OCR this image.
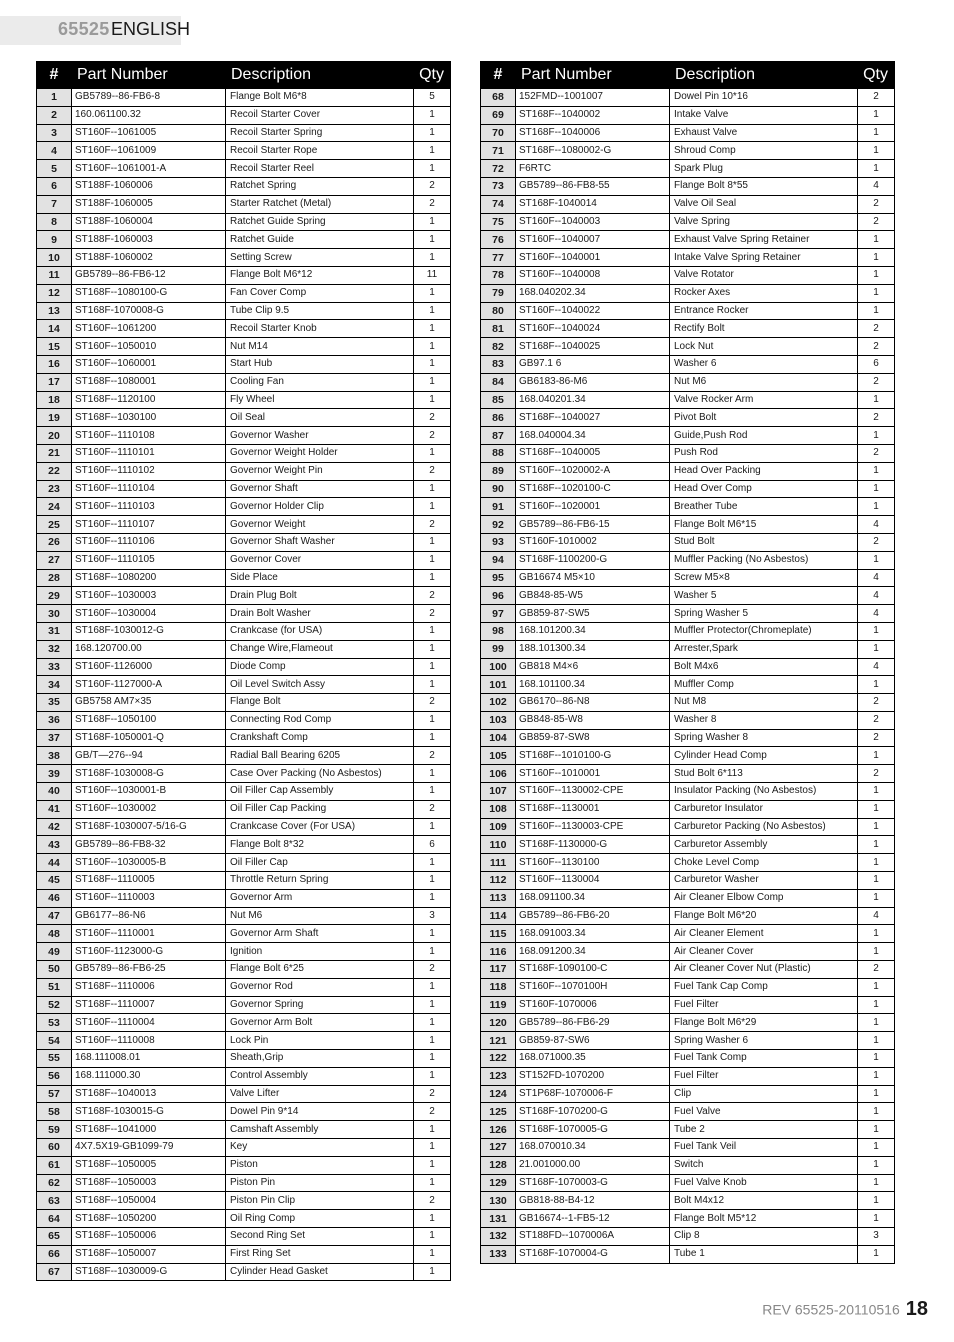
65525 ENGLISH
#	Part Number	Description	Qty
1	GB5789--86-FB6-8	Flange Bolt M6*8	5
2	160.061100.32	Recoil Starter Cover	1
3	ST160F--1061005	Recoil Starter Spring	1
4	ST160F--1061009	Recoil Starter Rope	1
5	ST160F--1061001-A	Recoil Starter Reel	1
6	ST188F-1060006	Ratchet Spring	2
7	ST188F-1060005	Starter Ratchet (Metal)	2
8	ST188F-1060004	Ratchet Guide Spring	1
9	ST188F-1060003	Ratchet Guide	1
10	ST188F-1060002	Setting Screw	1
11	GB5789--86-FB6-12	Flange Bolt M6*12	11
12	ST168F--1080100-G	Fan Cover Comp	1
13	ST168F-1070008-G	Tube Clip 9.5	1
14	ST160F--1061200	Recoil Starter Knob	1
15	ST160F--1050010	Nut M14	1
16	ST160F--1060001	Start Hub	1
17	ST168F--1080001	Cooling Fan	1
18	ST168F--1120100	Fly Wheel	1
19	ST168F--1030100	Oil Seal	2
20	ST160F--1110108	Governor Washer	2
21	ST160F--1110101	Governor Weight Holder	1
22	ST160F--1110102	Governor Weight Pin	2
23	ST160F--1110104	Governor Shaft	1
24	ST160F--1110103	Governor Holder Clip	1
25	ST160F--1110107	Governor Weight	2
26	ST160F--1110106	Governor Shaft Washer	1
27	ST160F--1110105	Governor Cover	1
28	ST168F--1080200	Side Place	1
29	ST160F--1030003	Drain Plug Bolt	2
30	ST160F--1030004	Drain Bolt Washer	2
31	ST168F-1030012-G	Crankcase (for USA)	1
32	168.120700.00	Change Wire,Flameout	1
33	ST160F-1126000	Diode Comp	1
34	ST160F-1127000-A	Oil Level Switch Assy	1
35	GB5758 AM7×35	Flange Bolt	2
36	ST168F--1050100	Connecting Rod Comp	1
37	ST168F-1050001-Q	Crankshaft Comp	1
38	GB/T—276--94	Radial Ball Bearing 6205	2
39	ST168F-1030008-G	Case Over Packing (No Asbestos)	1
40	ST160F--1030001-B	Oil Filler Cap Assembly	1
41	ST160F--1030002	Oil Filler Cap Packing	2
42	ST168F-1030007-5/16-G	Crankcase Cover (For USA)	1
43	GB5789--86-FB8-32	Flange Bolt 8*32	6
44	ST160F--1030005-B	Oil Filler Cap	1
45	ST168F--1110005	Throttle Return Spring	1
46	ST160F--1110003	Governor Arm	1
47	GB6177--86-N6	Nut M6	3
48	ST160F--1110001	Governor Arm Shaft	1
49	ST160F-1123000-G	Ignition	1
50	GB5789--86-FB6-25	Flange Bolt 6*25	2
51	ST168F--1110006	Governor Rod	1
52	ST168F--1110007	Governor Spring	1
53	ST160F--1110004	Governor Arm Bolt	1
54	ST160F--1110008	Lock Pin	1
55	168.111008.01	Sheath,Grip	1
56	168.111000.30	Control Assembly	1
57	ST168F--1040013	Valve Lifter	2
58	ST168F-1030015-G	Dowel Pin 9*14	2
59	ST168F--1041000	Camshaft Assembly	1
60	4X7.5X19-GB1099-79	Key	1
61	ST168F--1050005	Piston	1
62	ST168F--1050003	Piston Pin	1
63	ST168F--1050004	Piston Pin Clip	2
64	ST168F--1050200	Oil Ring Comp	1
65	ST168F--1050006	Second Ring Set	1
66	ST168F--1050007	First Ring Set	1
67	ST168F--1030009-G	Cylinder Head Gasket	1
#	Part Number	Description	Qty
68	152FMD--1001007	Dowel Pin 10*16	2
69	ST168F--1040002	Intake Valve	1
70	ST168F--1040006	Exhaust Valve	1
71	ST168F--1080002-G	Shroud Comp	1
72	F6RTC	Spark Plug	1
73	GB5789--86-FB8-55	Flange Bolt 8*55	4
74	ST168F-1040014	Valve Oil Seal	2
75	ST160F--1040003	Valve Spring	2
76	ST160F--1040007	Exhaust Valve Spring Retainer	1
77	ST160F--1040001	Intake Valve Spring Retainer	1
78	ST160F--1040008	Valve Rotator	1
79	168.040202.34	Rocker Axes	1
80	ST160F--1040022	Entrance Rocker	1
81	ST160F--1040024	Rectify Bolt	2
82	ST168F--1040025	Lock Nut	2
83	GB97.1 6	Washer 6	6
84	GB6183-86-M6	Nut M6	2
85	168.040201.34	Valve Rocker Arm	1
86	ST168F--1040027	Pivot Bolt	2
87	168.040004.34	Guide,Push Rod	1
88	ST168F--1040005	Push Rod	2
89	ST160F--1020002-A	Head Over Packing	1
90	ST168F--1020100-C	Head Over Comp	1
91	ST160F--1020001	Breather Tube	1
92	GB5789--86-FB6-15	Flange Bolt M6*15	4
93	ST160F-1010002	Stud Bolt	2
94	ST168F-1100200-G	Muffler Packing (No Asbestos)	1
95	GB16674 M5×10	Screw M5×8	4
96	GB848-85-W5	Washer 5	4
97	GB859-87-SW5	Spring Washer 5	4
98	168.101200.34	Muffler Protector(Chromeplate)	1
99	188.101300.34	Arrester,Spark	1
100	GB818 M4×6	Bolt M4x6	4
101	168.101100.34	Muffler Comp	1
102	GB6170--86-N8	Nut M8	2
103	GB848-85-W8	Washer 8	2
104	GB859-87-SW8	Spring Washer 8	2
105	ST168F--1010100-G	Cylinder Head Comp	1
106	ST160F--1010001	Stud Bolt 6*113	2
107	ST160F--1130002-CPE	Insulator Packing (No Asbestos)	1
108	ST168F--1130001	Carburetor Insulator	1
109	ST160F--1130003-CPE	Carburetor Packing (No Asbestos)	1
110	ST168F-1130000-G	Carburetor Assembly	1
111	ST160F--1130100	Choke Level Comp	1
112	ST160F--1130004	Carburetor Washer	1
113	168.091100.34	Air Cleaner Elbow Comp	1
114	GB5789--86-FB6-20	Flange Bolt M6*20	4
115	168.091003.34	Air Cleaner Element	1
116	168.091200.34	Air Cleaner Cover	1
117	ST168F-1090100-C	Air Cleaner Cover Nut (Plastic)	2
118	ST160F--1070100H	Fuel Tank Cap Comp	1
119	ST160F-1070006	Fuel Filter	1
120	GB5789--86-FB6-29	Flange Bolt M6*29	1
121	GB859-87-SW6	Spring Washer 6	1
122	168.071000.35	Fuel Tank Comp	1
123	ST152FD-1070200	Fuel Filter	1
124	ST1P68F-1070006-F	Clip	1
125	ST168F-1070200-G	Fuel Valve	1
126	ST168F-1070005-G	Tube 2	1
127	168.070010.34	Fuel Tank Veil	1
128	21.001000.00	Switch	1
129	ST168F-1070003-G	Fuel Valve Knob	1
130	GB818-88-B4-12	Bolt M4x12	1
131	GB16674--1-FB5-12	Flange Bolt M5*12	1
132	ST188FD--1070006A	Clip 8	3
133	ST168F-1070004-G	Tube 1	1
REV 65525-20110516 18
